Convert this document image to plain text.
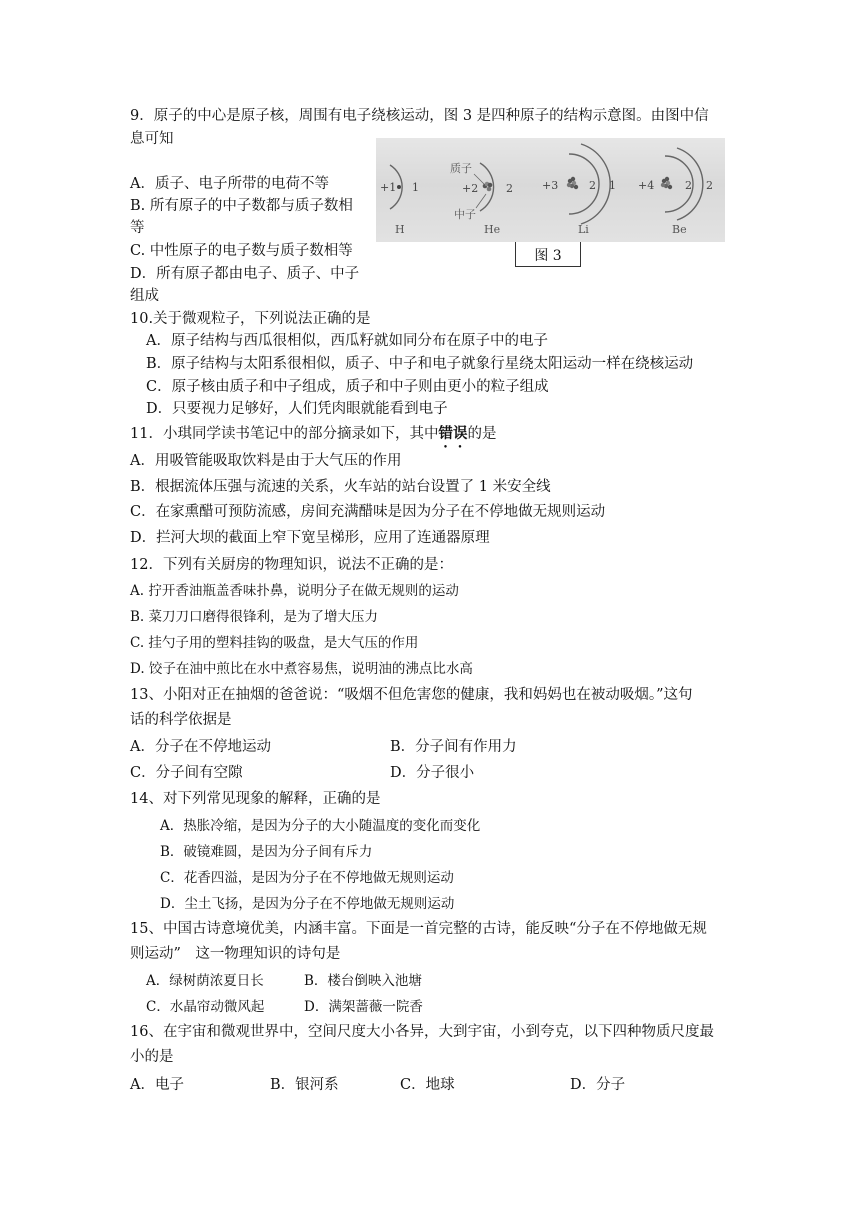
9．原子的中心是原子核，周围有电子绕核运动，图 3 是四种原子的结构示意图。由图中信
息可知
A．质子、电子所带的电荷不等
B. 所有原子的中子数都与质子数相
等
C. 中性原子的电子数与质子数相等
D．所有原子都由电子、质子、中子
组成
+1 1
H
质子
+2	2
中子
He
+3	2 1
Li
+4	2 2
Be
图 3
10.关于微观粒子，下列说法正确的是
A．原子结构与西瓜很相似，西瓜籽就如同分布在原子中的电子
B．原子结构与太阳系很相似，质子、中子和电子就象行星绕太阳运动一样在绕核运动
C．原子核由质子和中子组成，质子和中子则由更小的粒子组成
D．只要视力足够好，人们凭肉眼就能看到电子
11．小琪同学读书笔记中的部分摘录如下，其中错误的是
A．用吸管能吸取饮料是由于大气压的作用
B．根据流体压强与流速的关系，火车站的站台设置了 1 米安全线
C．在家熏醋可预防流感，房间充满醋味是因为分子在不停地做无规则运动
D．拦河大坝的截面上窄下宽呈梯形，应用了连通器原理
12．下列有关厨房的物理知识，说法不正确的是：
A. 拧开香油瓶盖香味扑鼻，说明分子在做无规则的运动
B. 菜刀刀口磨得很锋利，是为了增大压力
C. 挂勺子用的塑料挂钩的吸盘，是大气压的作用
D. 饺子在油中煎比在水中煮容易焦，说明油的沸点比水高
13、小阳对正在抽烟的爸爸说：“吸烟不但危害您的健康，我和妈妈也在被动吸烟。”这句
话的科学依据是
A．分子在不停地运动	B．分子间有作用力
C．分子间有空隙	D．分子很小
14、对下列常见现象的解释，正确的是
A．热胀冷缩，是因为分子的大小随温度的变化而变化
B．破镜难圆，是因为分子间有斥力
C．花香四溢，是因为分子在不停地做无规则运动
D．尘土飞扬，是因为分子在不停地做无规则运动
15、中国古诗意境优美，内涵丰富。下面是一首完整的古诗，能反映“分子在不停地做无规
则运动”　这一物理知识的诗句是
A．绿树荫浓夏日长	B．楼台倒映入池塘
C．水晶帘动微风起	D．满架蔷薇一院香
16、在宇宙和微观世界中，空间尺度大小各异，大到宇宙，小到夸克，以下四种物质尺度最
小的是
A．电子	B．银河系	C．地球	D．分子
